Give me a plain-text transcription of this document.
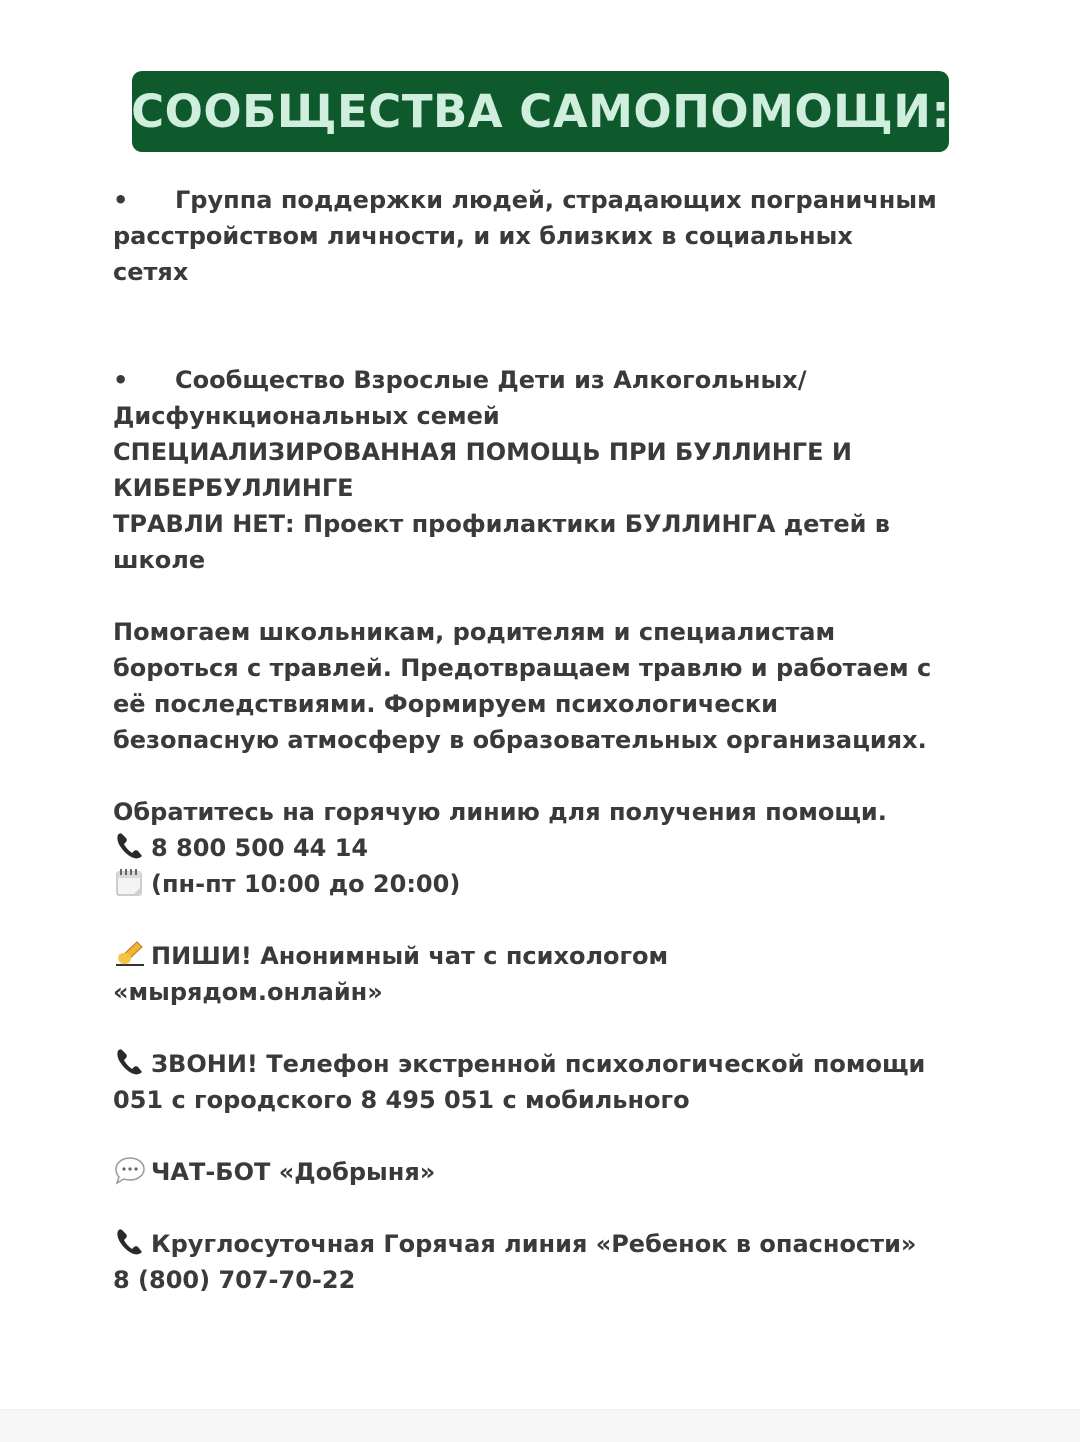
СООБЩЕСТВА САМОПОМОЩИ:

• Группа поддержки людей, страдающих пограничным

расстройством личности, и их близких в социальных

сетях

• Сообщество Взрослые Дети из Алкогольных/

Дисфункциональных семей

СПЕЦИАЛИЗИРОВАННАЯ ПОМОЩЬ ПРИ БУЛЛИНГЕ И

КИБЕРБУЛЛИНГЕ

ТРАВЛИ НЕТ: Проект профилактики БУЛЛИНГА детей в

школе

Помогаем школьникам, родителям и специалистам

бороться с травлей. Предотвращаем травлю и работаем с

её последствиями. Формируем психологически

безопасную атмосферу в образовательных организациях.

Обратитесь на горячую линию для получения помощи.

8 800 500 44 14

(пн-пт 10:00 до 20:00)

ПИШИ! Анонимный чат с психологом

«мырядом.онлайн»

ЗВОНИ! Телефон экстренной психологической помощи

051 с городского 8 495 051 с мобильного

ЧАТ-БОТ «Добрыня»

Круглосуточная Горячая линия «Ребенок в опасности»

8 (800) 707-70-22
